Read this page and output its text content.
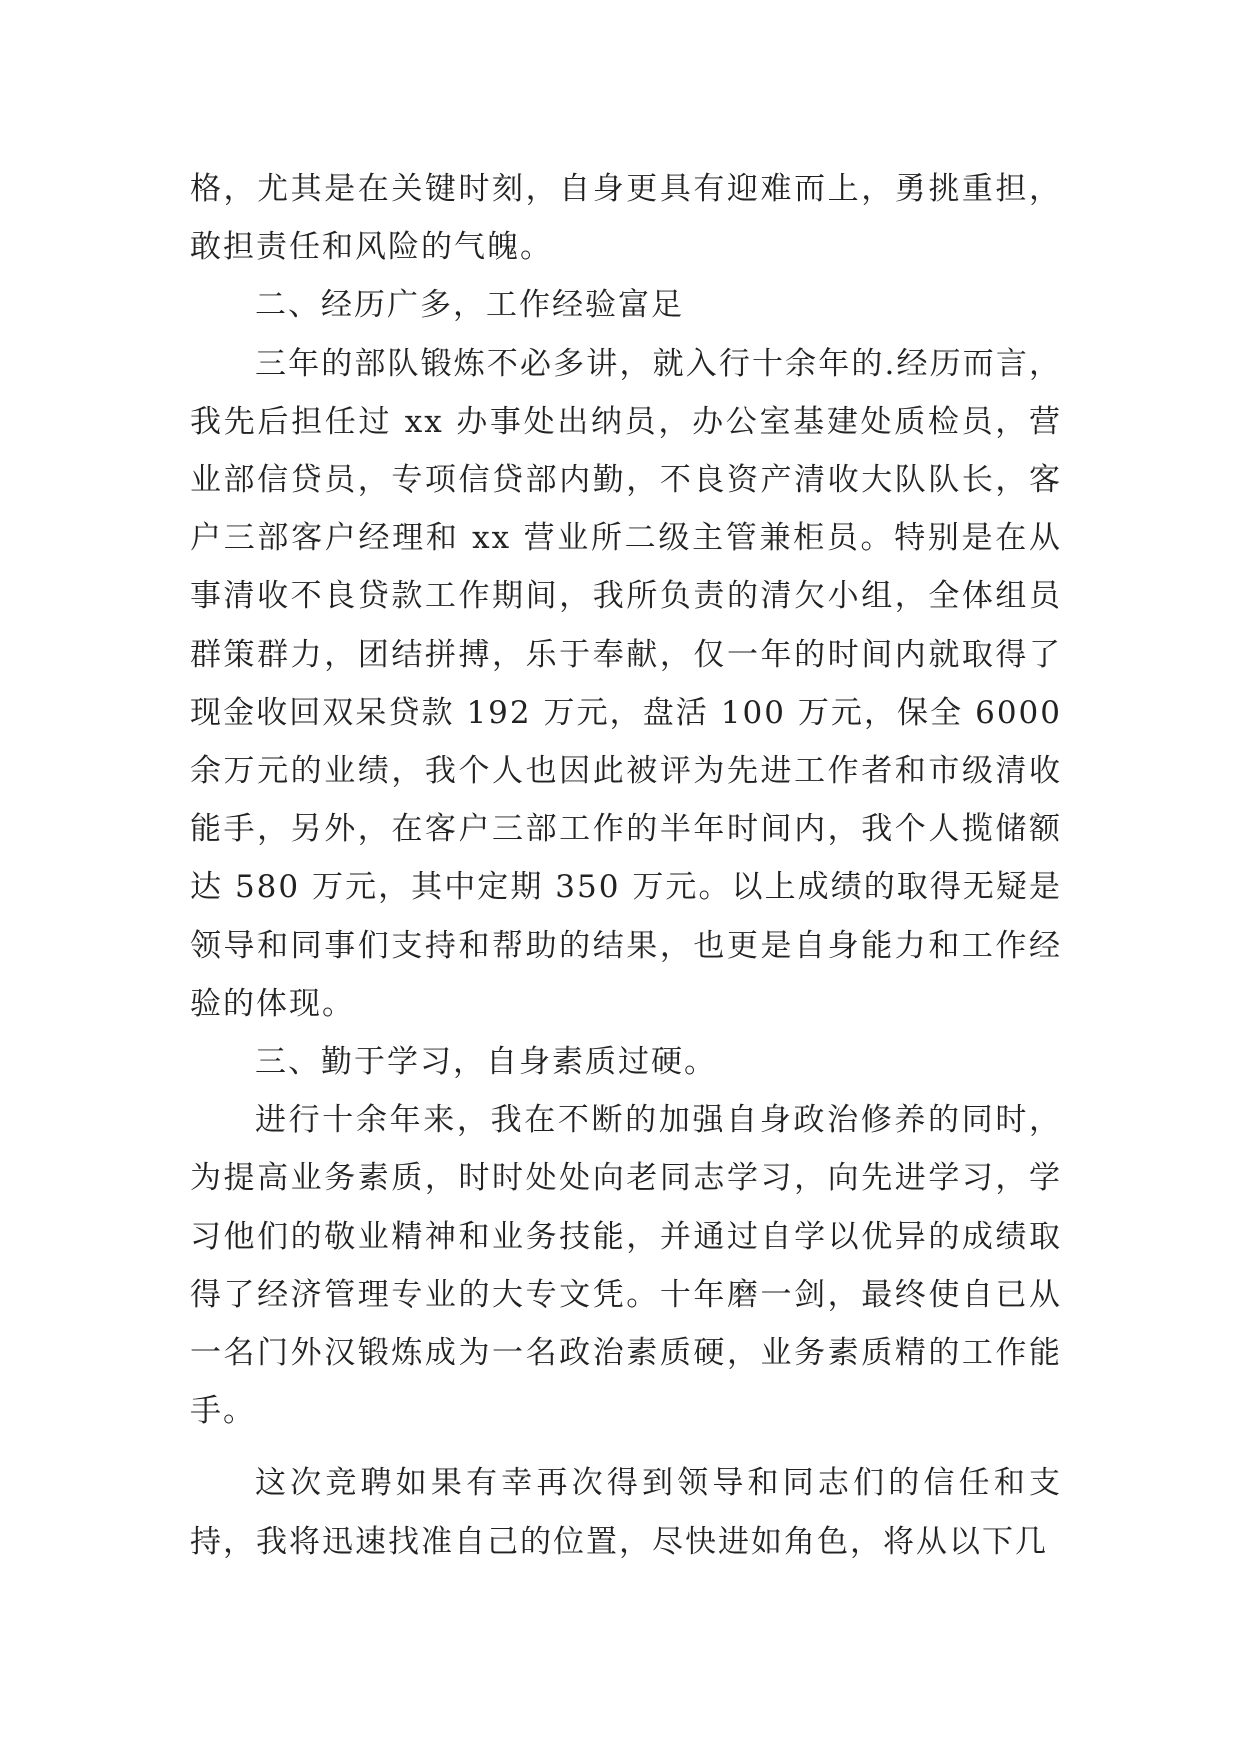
格，尤其是在关键时刻，自身更具有迎难而上，勇挑重担，敢担责任和风险的气魄。

二、经历广多，工作经验富足

三年的部队锻炼不必多讲，就入行十余年的.经历而言，我先后担任过 xx 办事处出纳员，办公室基建处质检员，营业部信贷员，专项信贷部内勤，不良资产清收大队队长，客户三部客户经理和 xx 营业所二级主管兼柜员。特别是在从事清收不良贷款工作期间，我所负责的清欠小组，全体组员群策群力，团结拼搏，乐于奉献，仅一年的时间内就取得了现金收回双呆贷款 192 万元，盘活 100 万元，保全 6000 余万元的业绩，我个人也因此被评为先进工作者和市级清收能手，另外，在客户三部工作的半年时间内，我个人揽储额达 580 万元，其中定期 350 万元。以上成绩的取得无疑是领导和同事们支持和帮助的结果，也更是自身能力和工作经验的体现。

三、勤于学习，自身素质过硬。

进行十余年来，我在不断的加强自身政治修养的同时，为提高业务素质，时时处处向老同志学习，向先进学习，学习他们的敬业精神和业务技能，并通过自学以优异的成绩取得了经济管理专业的大专文凭。十年磨一剑，最终使自已从一名门外汉锻炼成为一名政治素质硬，业务素质精的工作能手。

这次竞聘如果有幸再次得到领导和同志们的信任和支持，我将迅速找准自己的位置，尽快进如角色，将从以下几
